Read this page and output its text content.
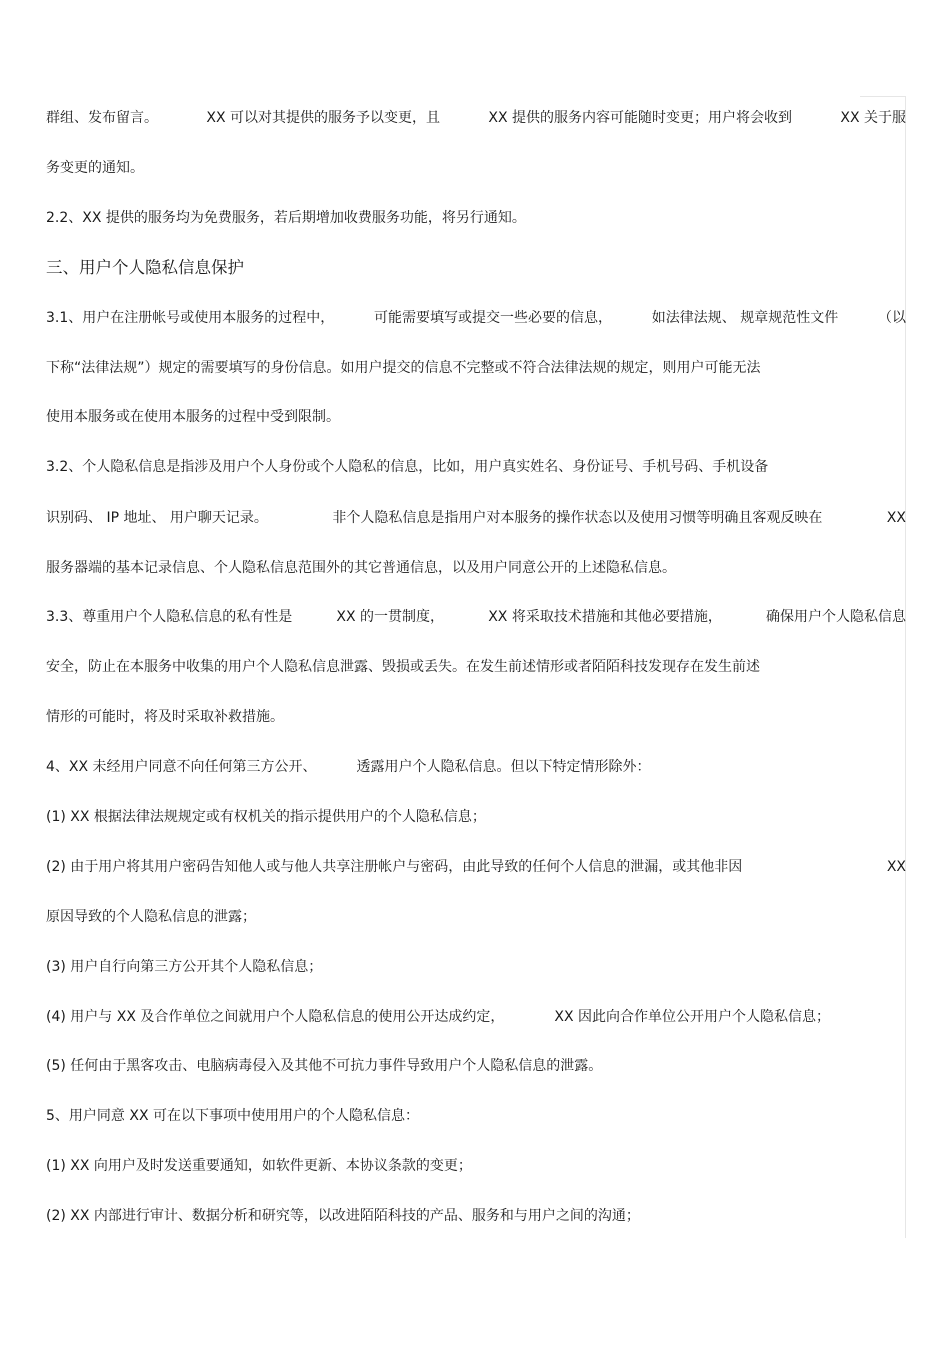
群组、发布留言。	XX 可以对其提供的服务予以变更，且	XX 提供的服务内容可能随时变更；用户将会收到	XX 关于服
务变更的通知。
2.2、XX 提供的服务均为免费服务，若后期增加收费服务功能，将另行通知。
三、用户个人隐私信息保护
3.1、用户在注册帐号或使用本服务的过程中，	可能需要填写或提交一些必要的信息，	如法律法规、 规章规范性文件	（以
下称“法律法规”）规定的需要填写的身份信息。如用户提交的信息不完整或不符合法律法规的规定，则用户可能无法
使用本服务或在使用本服务的过程中受到限制。
3.2、个人隐私信息是指涉及用户个人身份或个人隐私的信息，比如，用户真实姓名、身份证号、手机号码、手机设备
识别码、 IP 地址、 用户聊天记录。	非个人隐私信息是指用户对本服务的操作状态以及使用习惯等明确且客观反映在	XX
服务器端的基本记录信息、个人隐私信息范围外的其它普通信息，以及用户同意公开的上述隐私信息。
3.3、尊重用户个人隐私信息的私有性是	XX 的一贯制度，	XX 将采取技术措施和其他必要措施，	确保用户个人隐私信息
安全，防止在本服务中收集的用户个人隐私信息泄露、毁损或丢失。在发生前述情形或者陌陌科技发现存在发生前述
情形的可能时，将及时采取补救措施。
4、XX 未经用户同意不向任何第三方公开、	透露用户个人隐私信息。但以下特定情形除外：
(1) XX 根据法律法规规定或有权机关的指示提供用户的个人隐私信息；
(2) 由于用户将其用户密码告知他人或与他人共享注册帐户与密码，由此导致的任何个人信息的泄漏，或其他非因	XX
原因导致的个人隐私信息的泄露；
(3) 用户自行向第三方公开其个人隐私信息；
(4) 用户与 XX 及合作单位之间就用户个人隐私信息的使用公开达成约定，	XX 因此向合作单位公开用户个人隐私信息；
(5) 任何由于黑客攻击、电脑病毒侵入及其他不可抗力事件导致用户个人隐私信息的泄露。
5、用户同意 XX 可在以下事项中使用用户的个人隐私信息：
(1) XX 向用户及时发送重要通知，如软件更新、本协议条款的变更；
(2) XX 内部进行审计、数据分析和研究等，以改进陌陌科技的产品、服务和与用户之间的沟通；
